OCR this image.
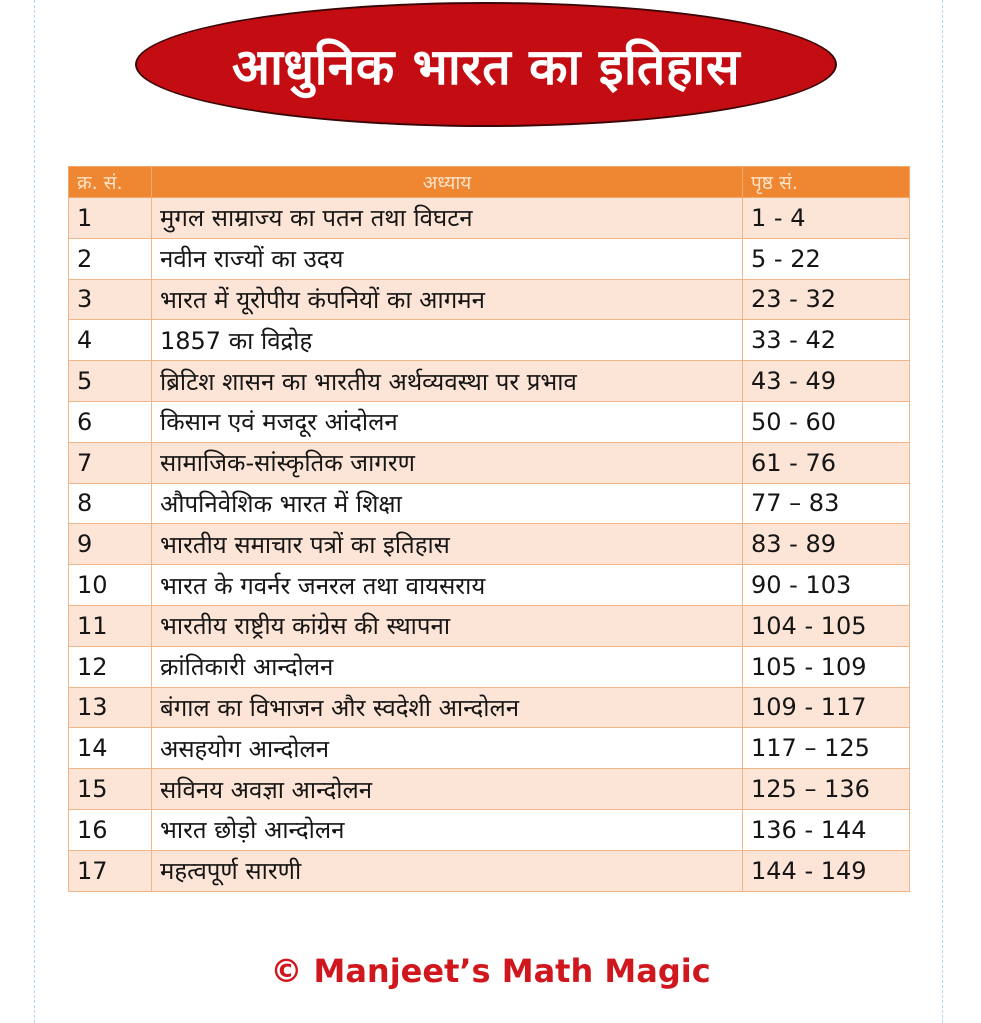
आधुनिक भारत का इतिहास
क्र. सं.	अध्याय	पृष्ठ सं.
1	मुगल साम्राज्य का पतन तथा विघटन	1 - 4
2	नवीन राज्यों का उदय	5 - 22
3	भारत में यूरोपीय कंपनियों का आगमन	23 - 32
4	1857 का विद्रोह	33 - 42
5	ब्रिटिश शासन का भारतीय अर्थव्यवस्था पर प्रभाव	43 - 49
6	किसान एवं मजदूर आंदोलन	50 - 60
7	सामाजिक-सांस्कृतिक जागरण	61 - 76
8	औपनिवेशिक भारत में शिक्षा	77 – 83
9	भारतीय समाचार पत्रों का इतिहास	83 - 89
10	भारत के गवर्नर जनरल तथा वायसराय	90 - 103
11	भारतीय राष्ट्रीय कांग्रेस की स्थापना	104 - 105
12	क्रांतिकारी आन्दोलन	105 - 109
13	बंगाल का विभाजन और स्वदेशी आन्दोलन	109 - 117
14	असहयोग आन्दोलन	117 – 125
15	सविनय अवज्ञा आन्दोलन	125 – 136
16	भारत छोड़ो आन्दोलन	136 - 144
17	महत्वपूर्ण सारणी	144 - 149
© Manjeet’s Math Magic
